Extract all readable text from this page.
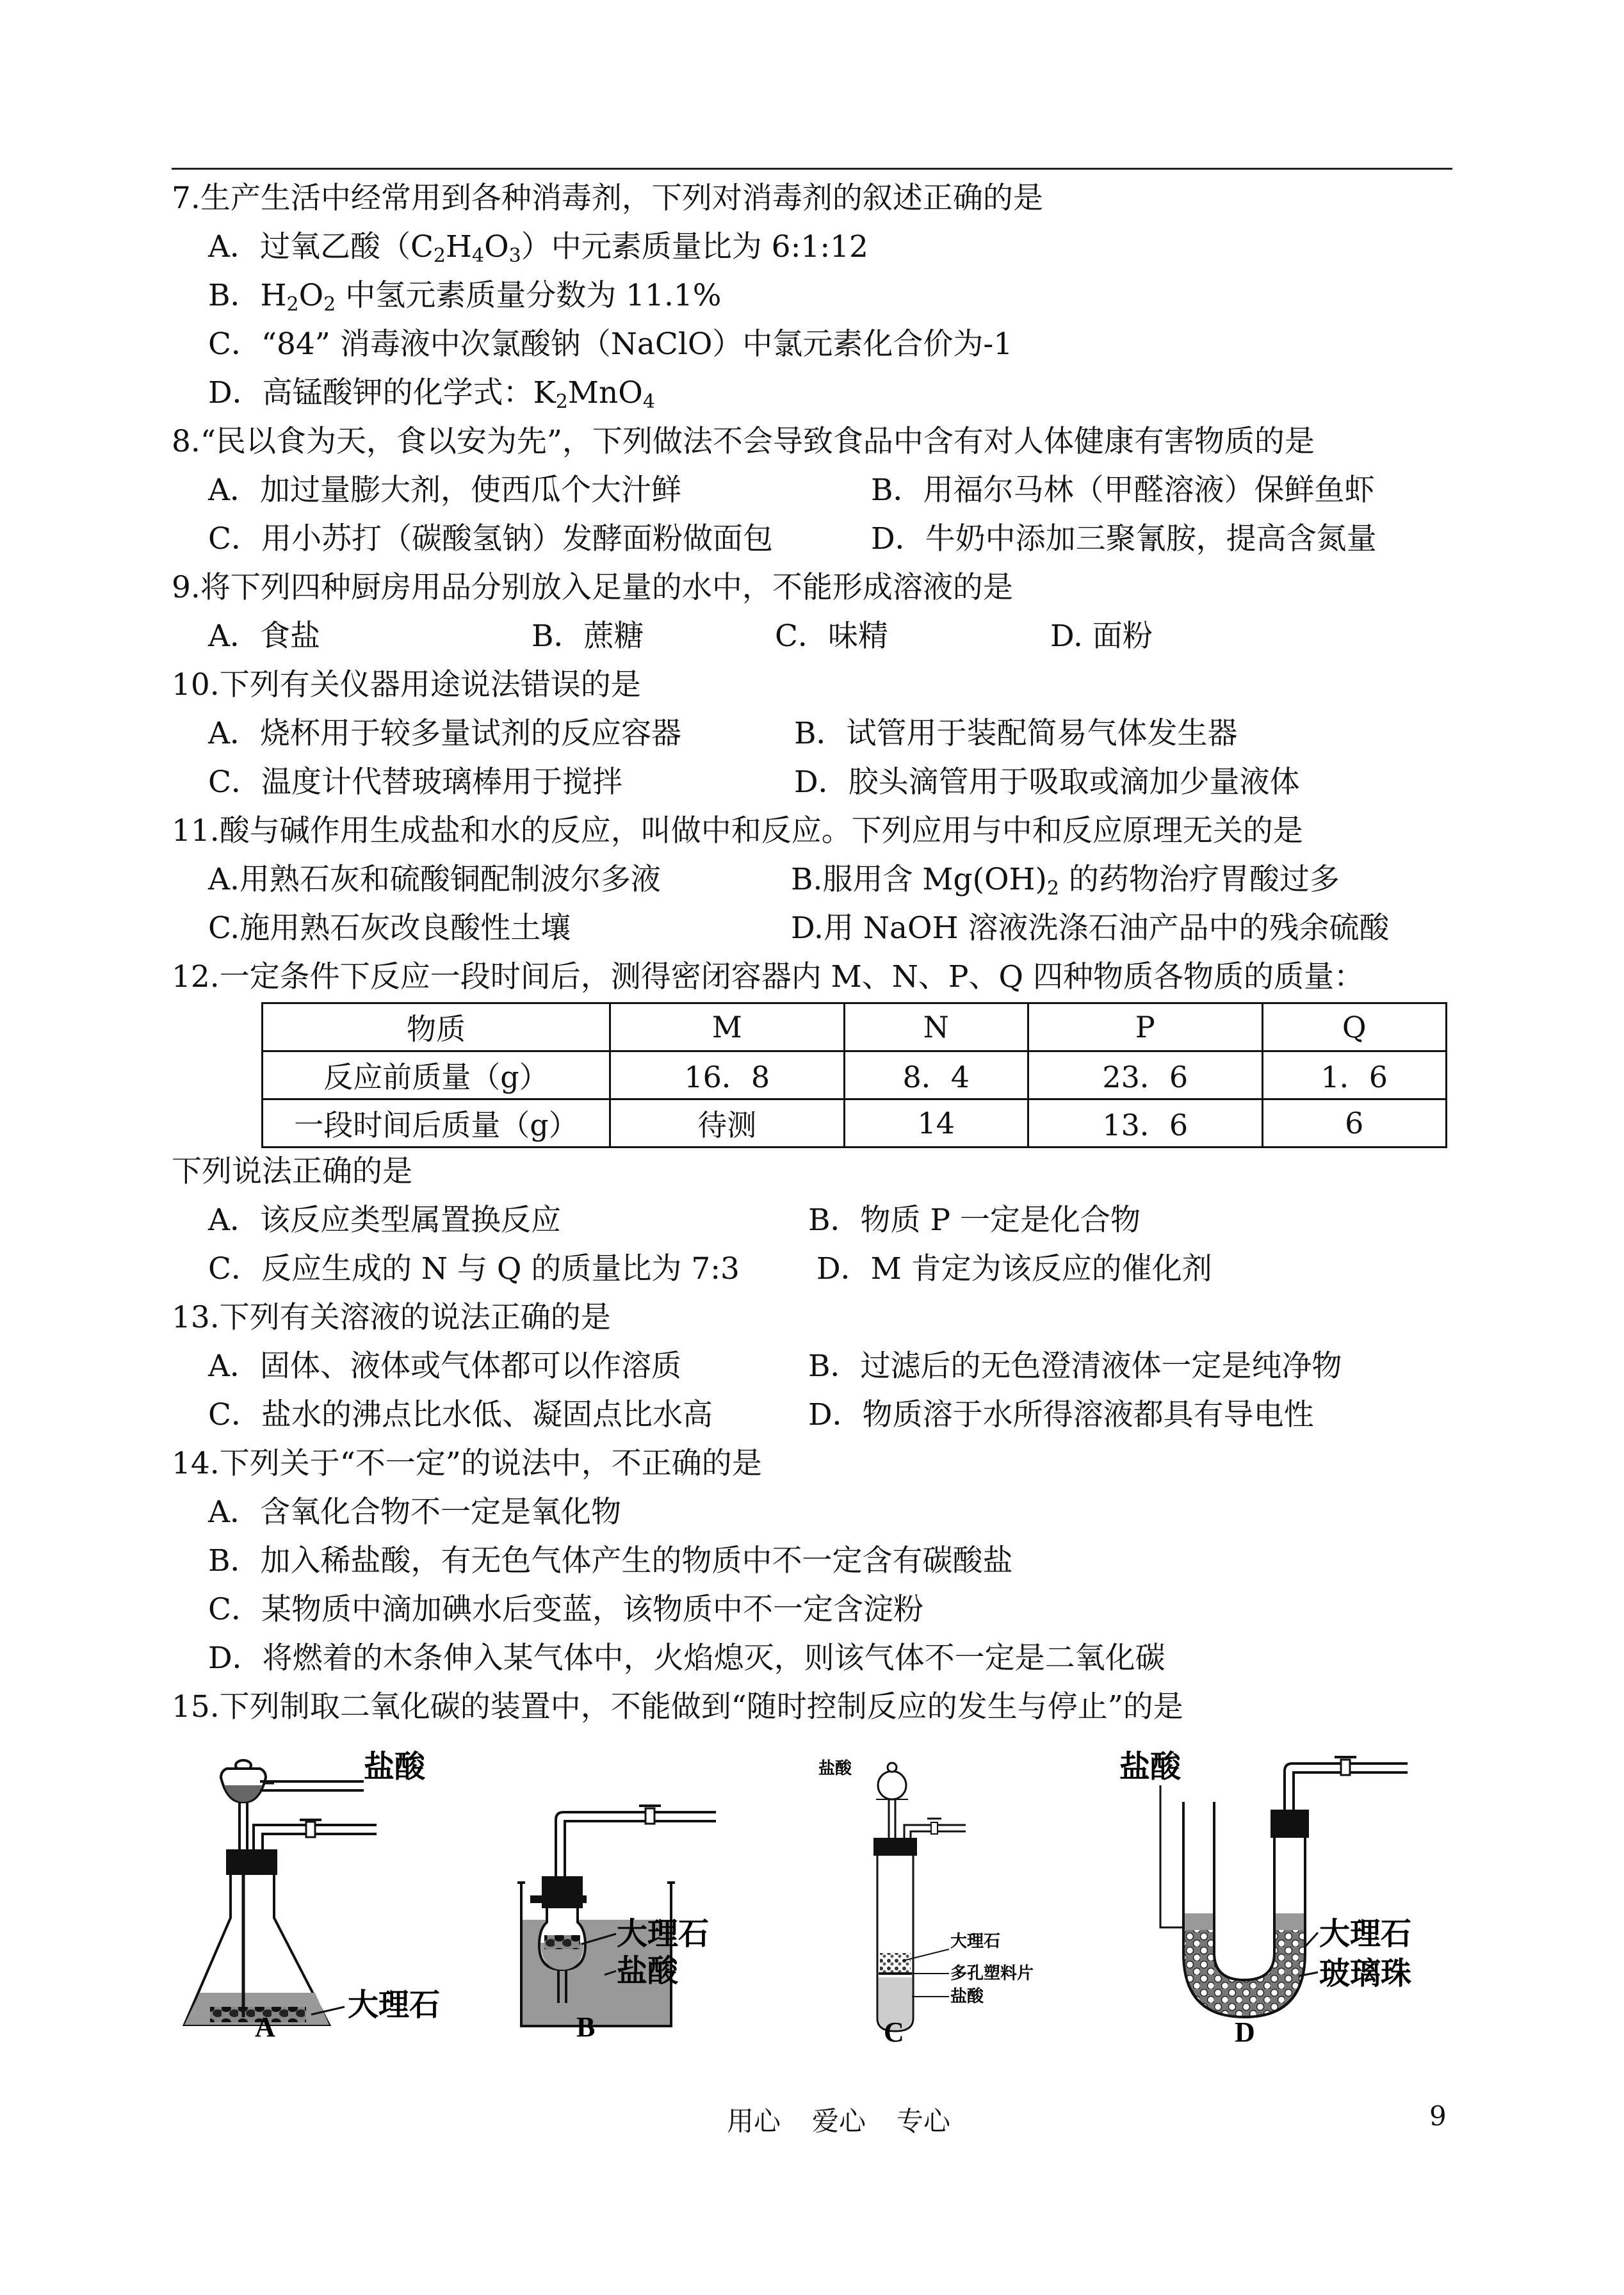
7.生产生活中经常用到各种消毒剂，下列对消毒剂的叙述正确的是
A．过氧乙酸$(C_2H_4O_3)$中元素质量比为 6:1:12
B．$H_2O_2$ 中氢元素质量分数为 11.1%
C．“84” 消毒液中次氯酸钠（NaClO）中氯元素化合价为-1
D．高锰酸钾的化学式：$K_2MnO_4$
8.“民以食为天，食以安为先”，下列做法不会导致食品中含有对人体健康有害物质的是
A．加过量膨大剂，使西瓜个大汁鲜	B．用福尔马林（甲醛溶液）保鲜鱼虾
C．用小苏打（碳酸氢钠）发酵面粉做面包	D．牛奶中添加三聚氰胺，提高含氮量
9.将下列四种厨房用品分别放入足量的水中，不能形成溶液的是
A．食盐	B．蔗糖	C．味精	D. 面粉
10.下列有关仪器用途说法错误的是
A．烧杯用于较多量试剂的反应容器	B．试管用于装配简易气体发生器
C．温度计代替玻璃棒用于搅拌	D．胶头滴管用于吸取或滴加少量液体
11.酸与碱作用生成盐和水的反应，叫做中和反应。下列应用与中和反应原理无关的是
A.用熟石灰和硫酸铜配制波尔多液	B.服用含 $Mg(OH)_2$ 的药物治疗胃酸过多
C.施用熟石灰改良酸性土壤	D.用 NaOH 溶液洗涤石油产品中的残余硫酸
12.一定条件下反应一段时间后，测得密闭容器内 M、N、P、Q 四种物质各物质的质量：
物质	M	N	P	Q
反应前质量（g）	16．8	8．4	23．6	1．6
一段时间后质量（g）	待测	14	13．6	6
下列说法正确的是
A．该反应类型属置换反应	B．物质 P 一定是化合物
C．反应生成的 N 与 Q 的质量比为 7:3	D．M 肯定为该反应的催化剂
13.下列有关溶液的说法正确的是
A．固体、液体或气体都可以作溶质	B．过滤后的无色澄清液体一定是纯净物
C．盐水的沸点比水低、凝固点比水高	D．物质溶于水所得溶液都具有导电性
14.下列关于“不一定”的说法中，不正确的是
A．含氧化合物不一定是氧化物
B．加入稀盐酸，有无色气体产生的物质中不一定含有碳酸盐
C．某物质中滴加碘水后变蓝，该物质中不一定含淀粉
D．将燃着的木条伸入某气体中，火焰熄灭，则该气体不一定是二氧化碳
15.下列制取二氧化碳的装置中，不能做到“随时控制反应的发生与停止”的是
盐酸
大理石
A
大理石
盐酸
B
盐酸
大理石
多孔塑料片
盐酸
C
盐酸
大理石
玻璃珠
D
用心 爱心 专心	9
